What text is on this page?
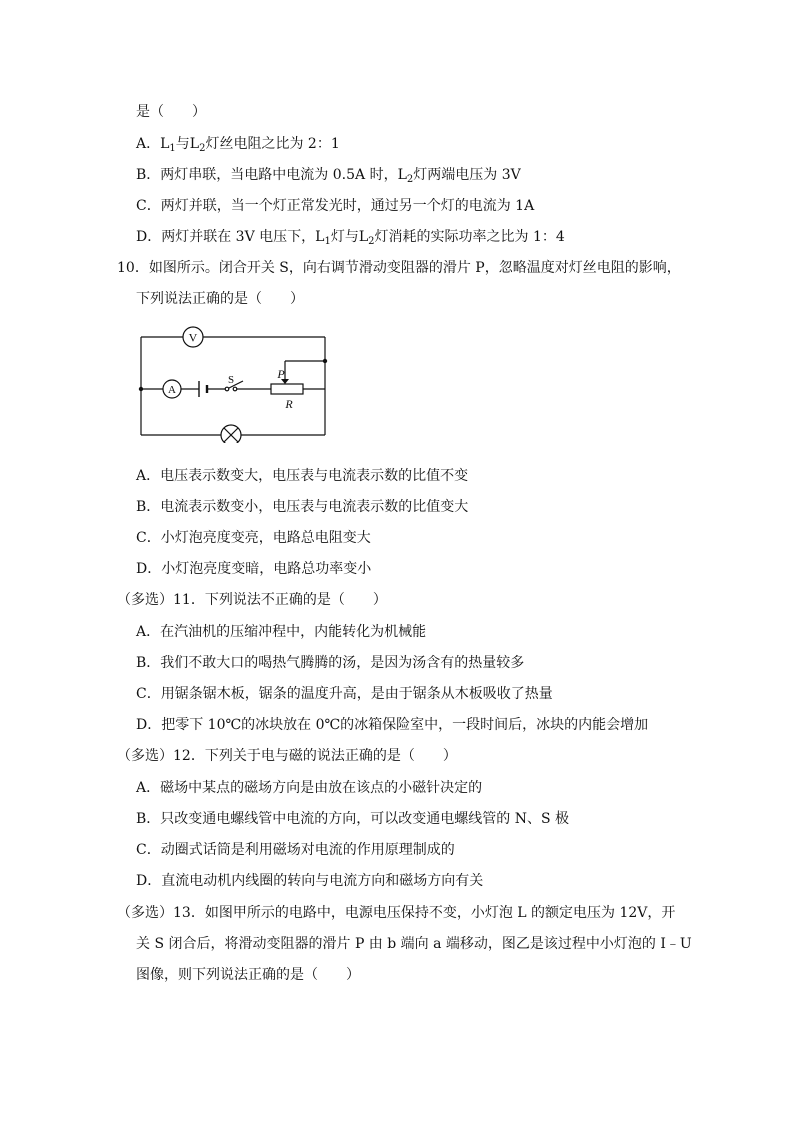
是（　　）
A．$L_1$与$L_2$灯丝电阻之比为 2：1
B．两灯串联，当电路中电流为 0.5A 时，$L_2$灯两端电压为 3V
C．两灯并联，当一个灯正常发光时，通过另一个灯的电流为 1A
D．两灯并联在 3V 电压下，$L_1$灯与$L_2$灯消耗的实际功率之比为 1：4
10．如图所示。闭合开关 S，向右调节滑动变阻器的滑片 P，忽略温度对灯丝电阻的影响，
下列说法正确的是（　　）
V
A
S	P
R
A．电压表示数变大，电压表与电流表示数的比值不变
B．电流表示数变小，电压表与电流表示数的比值变大
C．小灯泡亮度变亮，电路总电阻变大
D．小灯泡亮度变暗，电路总功率变小
（多选）11．下列说法不正确的是（　　）
A．在汽油机的压缩冲程中，内能转化为机械能
B．我们不敢大口的喝热气腾腾的汤，是因为汤含有的热量较多
C．用锯条锯木板，锯条的温度升高，是由于锯条从木板吸收了热量
D．把零下 10℃的冰块放在 0℃的冰箱保险室中，一段时间后，冰块的内能会增加
（多选）12．下列关于电与磁的说法正确的是（　　）
A．磁场中某点的磁场方向是由放在该点的小磁针决定的
B．只改变通电螺线管中电流的方向，可以改变通电螺线管的 N、S 极
C．动圈式话筒是利用磁场对电流的作用原理制成的
D．直流电动机内线圈的转向与电流方向和磁场方向有关
（多选）13．如图甲所示的电路中，电源电压保持不变，小灯泡 L 的额定电压为 12V，开
关 S 闭合后，将滑动变阻器的滑片 P 由 b 端向 a 端移动，图乙是该过程中小灯泡的 I﹣U
图像，则下列说法正确的是（　　）
